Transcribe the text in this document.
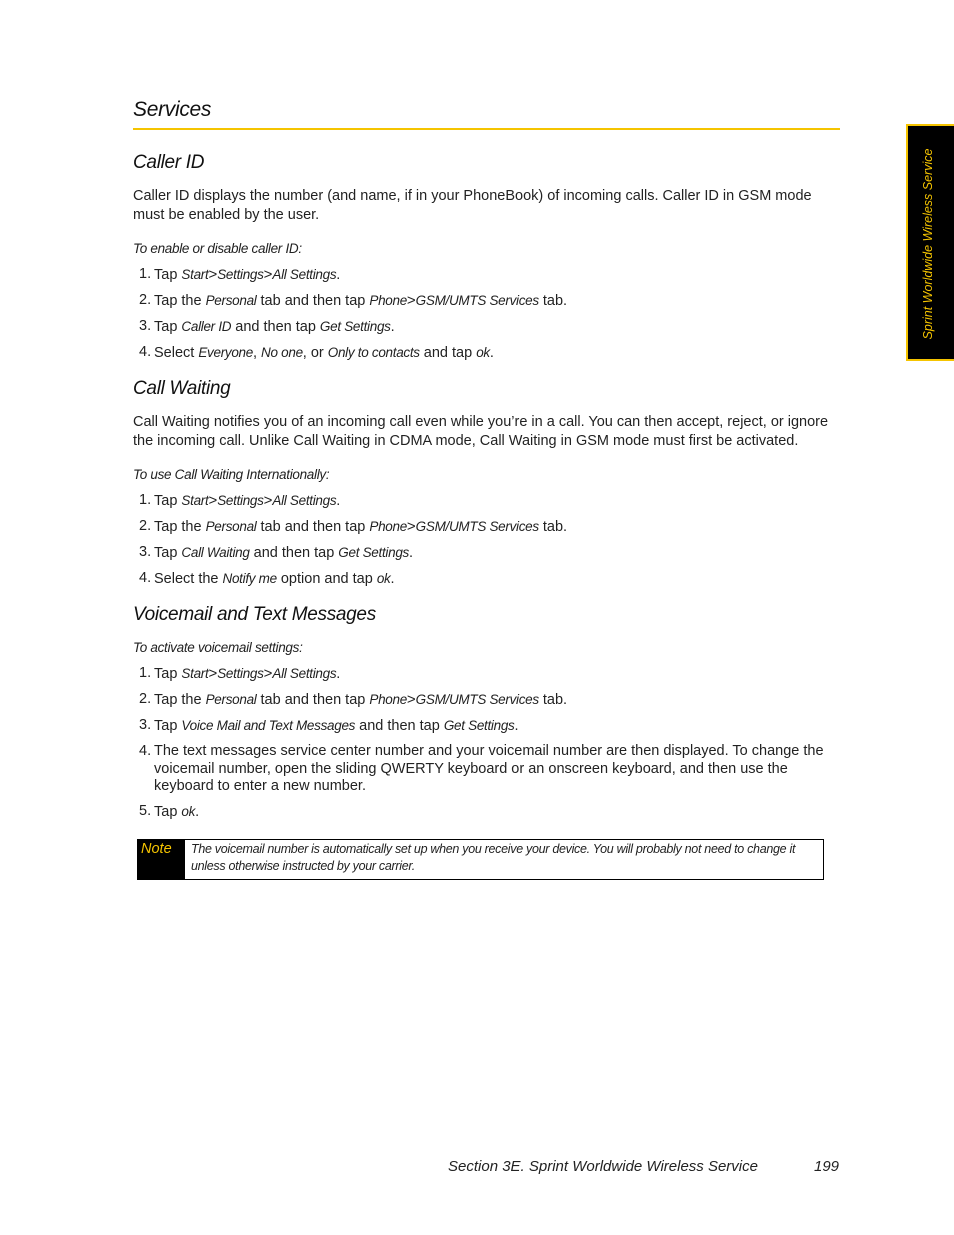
Services
Sprint Worldwide Wireless Service
Caller ID

Caller ID displays the number (and name, if in your PhoneBook) of incoming calls. Caller ID in GSM mode must be enabled by the user.

To enable or disable caller ID:

1. Tap Start>Settings>All Settings.
2. Tap the Personal tab and then tap Phone>GSM/UMTS Services tab.
3. Tap Caller ID and then tap Get Settings.
4. Select Everyone, No one, or Only to contacts and tap ok.
Call Waiting

Call Waiting notifies you of an incoming call even while you’re in a call. You can then accept, reject, or ignore the incoming call. Unlike Call Waiting in CDMA mode, Call Waiting in GSM mode must first be activated.

To use Call Waiting Internationally:

1. Tap Start>Settings>All Settings.
2. Tap the Personal tab and then tap Phone>GSM/UMTS Services tab.
3. Tap Call Waiting and then tap Get Settings.
4. Select the Notify me option and tap ok.
Voicemail and Text Messages

To activate voicemail settings:

1. Tap Start>Settings>All Settings.
2. Tap the Personal tab and then tap Phone>GSM/UMTS Services tab.
3. Tap Voice Mail and Text Messages and then tap Get Settings.
4. The text messages service center number and your voicemail number are then displayed. To change the voicemail number, open the sliding QWERTY keyboard or an onscreen keyboard, and then use the keyboard to enter a new number.
5. Tap ok.
Note The voicemail number is automatically set up when you receive your device. You will probably not need to change it unless otherwise instructed by your carrier.

Section 3E. Sprint Worldwide Wireless Service	199
